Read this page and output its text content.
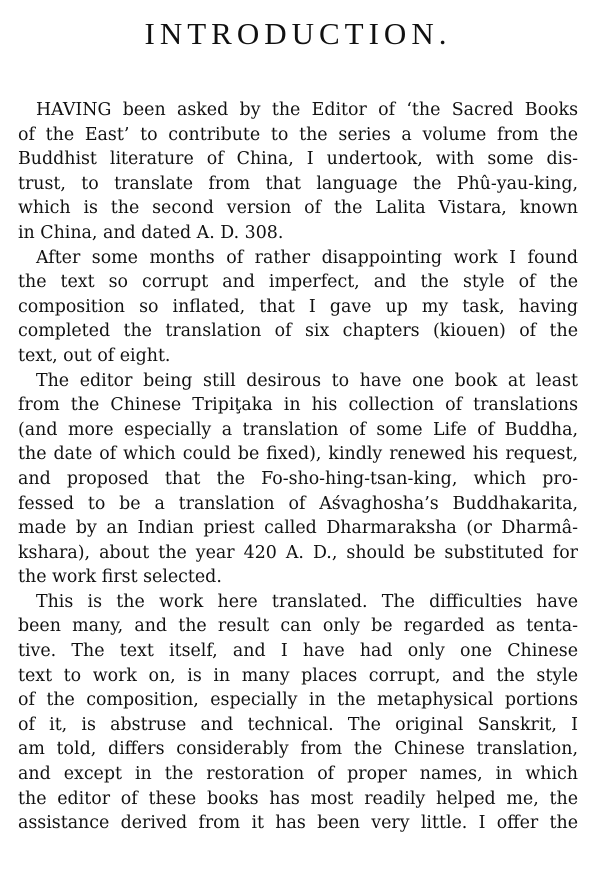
INTRODUCTION.

HAVING been asked by the Editor of ‘the Sacred Books
of the East’ to contribute to the series a volume from the
Buddhist literature of China, I undertook, with some dis-
trust, to translate from that language the Phû-yau-king,
which is the second version of the Lalita Vistara, known
in China, and dated A. D. 308.

After some months of rather disappointing work I found
the text so corrupt and imperfect, and the style of the
composition so inflated, that I gave up my task, having
completed the translation of six chapters (kiouen) of the
text, out of eight.

The editor being still desirous to have one book at least
from the Chinese Tripiţaka in his collection of translations
(and more especially a translation of some Life of Buddha,
the date of which could be fixed), kindly renewed his request,
and proposed that the Fo-sho-hing-tsan-king, which pro-
fessed to be a translation of Aśvaghosha’s Buddhakarita,
made by an Indian priest called Dharmaraksha (or Dharmâ-
kshara), about the year 420 A. D., should be substituted for
the work first selected.

This is the work here translated. The difficulties have
been many, and the result can only be regarded as tenta-
tive. The text itself, and I have had only one Chinese
text to work on, is in many places corrupt, and the style
of the composition, especially in the metaphysical portions
of it, is abstruse and technical. The original Sanskrit, I
am told, differs considerably from the Chinese translation,
and except in the restoration of proper names, in which
the editor of these books has most readily helped me, the
assistance derived from it has been very little. I offer the
